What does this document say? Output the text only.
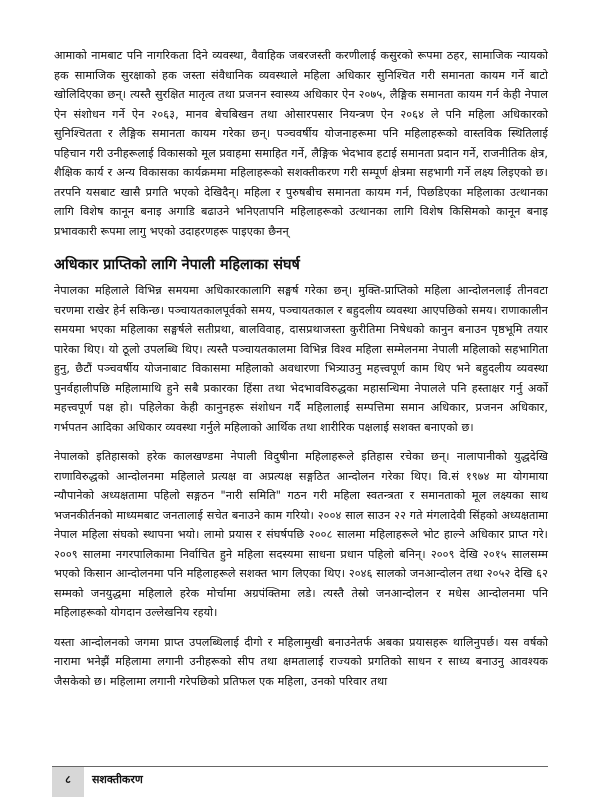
आमाको नामबाट पनि नागरिकता दिने व्यवस्था, वैवाहिक जबरजस्ती करणीलाई कसुरको रूपमा ठहर, सामाजिक न्यायको हक सामाजिक सुरक्षाको हक जस्ता संवैधानिक व्यवस्थाले महिला अधिकार सुनिश्चित गरी समानता कायम गर्ने बाटो खोलिदिएका छन्। त्यस्तै सुरक्षित मातृत्व तथा प्रजनन स्वास्थ्य अधिकार ऐन २०७५, लैङ्गिक समानता कायम गर्न केही नेपाल ऐन संशोधन गर्ने ऐन २०६३, मानव बेचबिखन तथा ओसारपसार नियन्त्रण ऐन २०६४ ले पनि महिला अधिकारको सुनिश्चितता र लैङ्गिक समानता कायम गरेका छन्। पञ्चवर्षीय योजनाहरूमा पनि महिलाहरूको वास्तविक स्थितिलाई पहिचान गरी उनीहरूलाई विकासको मूल प्रवाहमा समाहित गर्ने, लैङ्गिक भेदभाव हटाई समानता प्रदान गर्ने, राजनीतिक क्षेत्र, शैक्षिक कार्य र अन्य विकासका कार्यक्रममा महिलाहरूको सशक्तीकरण गरी सम्पूर्ण क्षेत्रमा सहभागी गर्ने लक्ष्य लिइएको छ। तरपनि यसबाट खासै प्रगति भएको देखिदैन्। महिला र पुरुषबीच समानता कायम गर्न, पिछडिएका महिलाका उत्थानका लागि विशेष कानून बनाइ अगाडि बढाउने भनिएतापनि महिलाहरूको उत्थानका लागि विशेष किसिमको कानून बनाइ प्रभावकारी रूपमा लागु भएको उदाहरणहरू पाइएका छैनन्

अधिकार प्राप्तिको लागि नेपाली महिलाका संघर्ष

नेपालका महिलाले विभिन्न समयमा अधिकारकालागि सङ्घर्ष गरेका छन्। मुक्ति-प्राप्तिको महिला आन्दोलनलाई तीनवटा चरणमा राखेर हेर्न सकिन्छ। पञ्चायतकालपूर्वको समय, पञ्चायतकाल र बहुदलीय व्यवस्था आएपछिको समय। राणाकालीन समयमा भएका महिलाका सङ्घर्षले सतीप्रथा, बालविवाह, दासप्रथाजस्ता कुरीतिमा निषेधको कानुन बनाउन पृष्ठभूमि तयार पारेका थिए। यो ठूलो उपलब्धि थिए। त्यस्तै पञ्चायतकालमा विभिन्न विश्व महिला सम्मेलनमा नेपाली महिलाको सहभागिता हुनु, छैटौं पञ्चवर्षीय योजनाबाट विकासमा महिलाको अवधारणा भित्र्याउनु महत्त्वपूर्ण काम थिए भने बहुदलीय व्यवस्था पुनर्वहालीपछि महिलामाथि हुने सबै प्रकारका हिंसा तथा भेदभावविरुद्धका महासन्धिमा नेपालले पनि हस्ताक्षर गर्नु अर्को महत्त्वपूर्ण पक्ष हो। पहिलेका केही कानुनहरू संशोधन गर्दै महिलालाई सम्पत्तिमा समान अधिकार, प्रजनन अधिकार, गर्भपतन आदिका अधिकार व्यवस्था गर्नुले महिलाको आर्थिक तथा शारीरिक पक्षलाई सशक्त बनाएको छ।

नेपालको इतिहासको हरेक कालखण्डमा नेपाली विदुषीना महिलाहरूले इतिहास रचेका छन्। नालापानीको युद्धदेखि राणाविरुद्धको आन्दोलनमा महिलाले प्रत्यक्ष वा अप्रत्यक्ष सङ्गठित आन्दोलन गरेका थिए। वि.सं १९७४ मा योगमाया न्यौपानेको अध्यक्षतामा पहिलो सङ्गठन "नारी समिति" गठन गरी महिला स्वतन्त्रता र समानताको मूल लक्ष्यका साथ भजनकीर्तनको माध्यमबाट जनतालाई सचेत बनाउने काम गरियो। २००४ साल साउन २२ गते मंगलादेवी सिंहको अध्यक्षतामा नेपाल महिला संघको स्थापना भयो। लामो प्रयास र संघर्षपछि २००८ सालमा महिलाहरूले भोट हाल्ने अधिकार प्राप्त गरे। २००९ सालमा नगरपालिकामा निर्वाचित हुने महिला सदस्यमा साधना प्रधान पहिलो बनिन्। २००९ देखि २०१५ सालसम्म भएको किसान आन्दोलनमा पनि महिलाहरूले सशक्त भाग लिएका थिए। २०४६ सालको जनआन्दोलन तथा २०५२ देखि ६२ सम्मको जनयुद्धमा महिलाले हरेक मोर्चामा अग्रपंक्तिमा लडे। त्यस्तै तेस्रो जनआन्दोलन र मधेस आन्दोलनमा पनि महिलाहरूको योगदान उल्लेखनिय रहयो।

यस्ता आन्दोलनको जगमा प्राप्त उपलब्धिलाई दीगो र महिलामुखी बनाउनेतर्फ अबका प्रयासहरू थालिनुपर्छ। यस वर्षको नारामा भनेझैं महिलामा लगानी उनीहरूको सीप तथा क्षमतालाई राज्यको प्रगतिको साधन र साध्य बनाउनु आवश्यक जैसकेको छ। महिलामा लगानी गरेपछिको प्रतिफल एक महिला, उनको परिवार तथा

८	सशक्तीकरण
